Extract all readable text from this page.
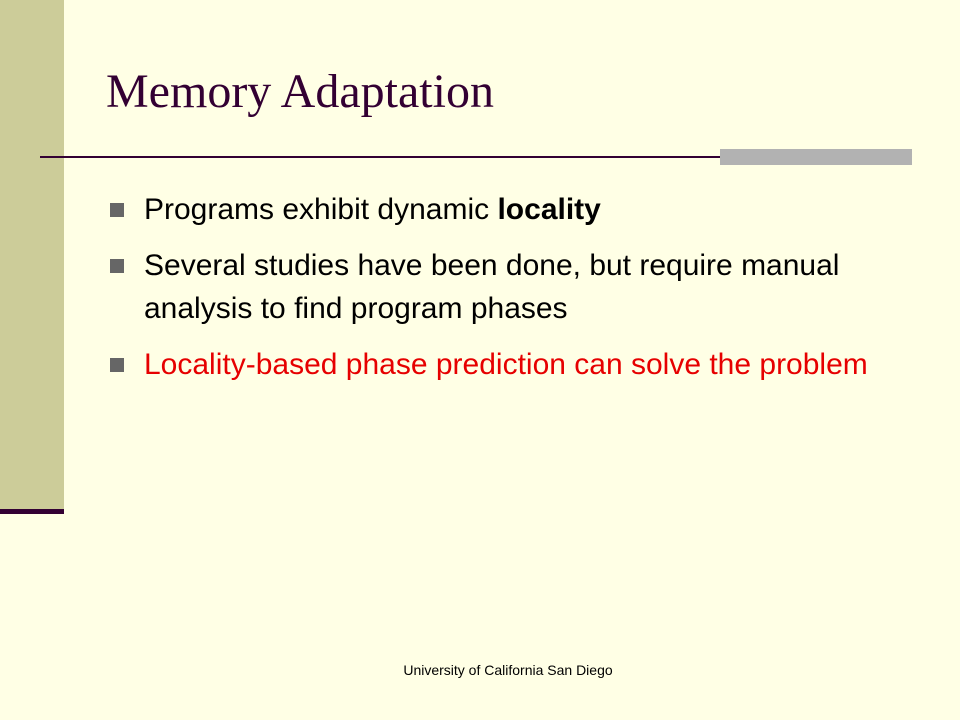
Memory Adaptation
Programs exhibit dynamic locality
Several studies have been done, but require manual analysis to find program phases
Locality-based phase prediction can solve the problem
University of California San Diego
